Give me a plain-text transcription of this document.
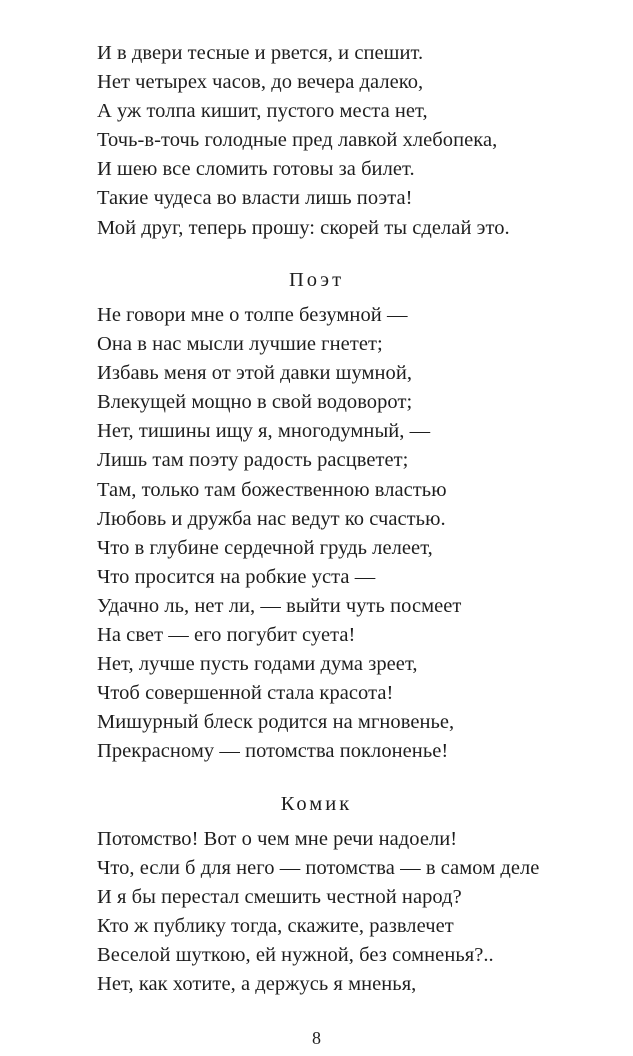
И в двери тесные и рвется, и спешит.
Нет четырех часов, до вечера далеко,
А уж толпа кишит, пустого места нет,
Точь-в-точь голодные пред лавкой хлебопека,
И шею все сломить готовы за билет.
Такие чудеса во власти лишь поэта!
Мой друг, теперь прошу: скорей ты сделай это.
Поэт
Не говори мне о толпе безумной —
Она в нас мысли лучшие гнетет;
Избавь меня от этой давки шумной,
Влекущей мощно в свой водоворот;
Нет, тишины ищу я, многодумный, —
Лишь там поэту радость расцветет;
Там, только там божественною властью
Любовь и дружба нас ведут ко счастью.
Что в глубине сердечной грудь лелеет,
Что просится на робкие уста —
Удачно ль, нет ли, — выйти чуть посмеет
На свет — его погубит суета!
Нет, лучше пусть годами дума зреет,
Чтоб совершенной стала красота!
Мишурный блеск родится на мгновенье,
Прекрасному — потомства поклоненье!
Комик
Потомство! Вот о чем мне речи надоели!
Что, если б для него — потомства — в самом деле
И я бы перестал смешить честной народ?
Кто ж публику тогда, скажите, развлечет
Веселой шуткою, ей нужной, без сомненья?..
Нет, как хотите, а держусь я мненья,
8
